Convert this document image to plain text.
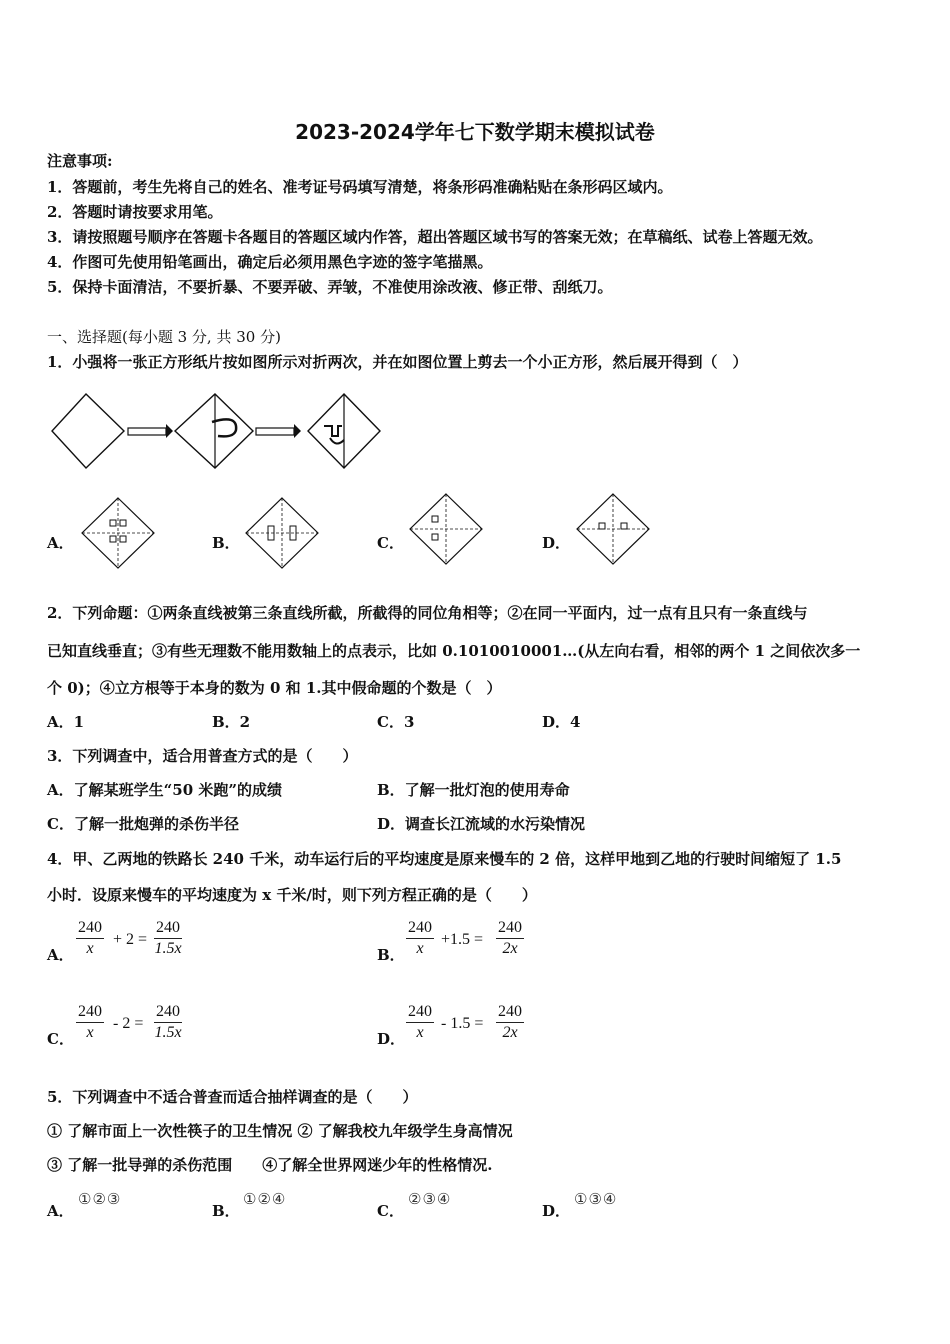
2023-2024学年七下数学期末模拟试卷
注意事项:
1．答题前，考生先将自己的姓名、准考证号码填写清楚，将条形码准确粘贴在条形码区域内。
2．答题时请按要求用笔。
3．请按照题号顺序在答题卡各题目的答题区域内作答，超出答题区域书写的答案无效；在草稿纸、试卷上答题无效。
4．作图可先使用铅笔画出，确定后必须用黑色字迹的签字笔描黑。
5．保持卡面清洁，不要折暴、不要弄破、弄皱，不准使用涂改液、修正带、刮纸刀。
一、选择题(每小题 3 分, 共 30 分)
1．小强将一张正方形纸片按如图所示对折两次，并在如图位置上剪去一个小正方形，然后展开得到（　）
A．	B．	C．	D．
2．下列命题：①两条直线被第三条直线所截，所截得的同位角相等；②在同一平面内，过一点有且只有一条直线与
已知直线垂直；③有些无理数不能用数轴上的点表示，比如 0.1010010001…(从左向右看，相邻的两个 1 之间依次多一
个 0)；④立方根等于本身的数为 0 和 1.其中假命题的个数是（　）
A．1	B．2	C．3	D．4
3．下列调查中，适合用普查方式的是（　　）
A．了解某班学生“50 米跑”的成绩	B．了解一批灯泡的使用寿命
C．了解一批炮弹的杀伤半径	D．调查长江流域的水污染情况
4．甲、乙两地的铁路长 240 千米，动车运行后的平均速度是原来慢车的 2 倍，这样甲地到乙地的行驶时间缩短了 1.5
小时．设原来慢车的平均速度为 x 千米/时，则下列方程正确的是（　　）
A． $\frac{240}{x} + 2 = \frac{240}{1.5x}$	B． $\frac{240}{x} +1.5 = \frac{240}{2x}$
C． $\frac{240}{x} - 2 = \frac{240}{1.5x}$	D． $\frac{240}{x} - 1.5 = \frac{240}{2x}$
5．下列调查中不适合普查而适合抽样调查的是（　　）
① 了解市面上一次性筷子的卫生情况 ② 了解我校九年级学生身高情况
③ 了解一批导弹的杀伤范围　　④了解全世界网迷少年的性格情况.
A．
①②③
B．
①②④
C．
②③④
D．
①③④
